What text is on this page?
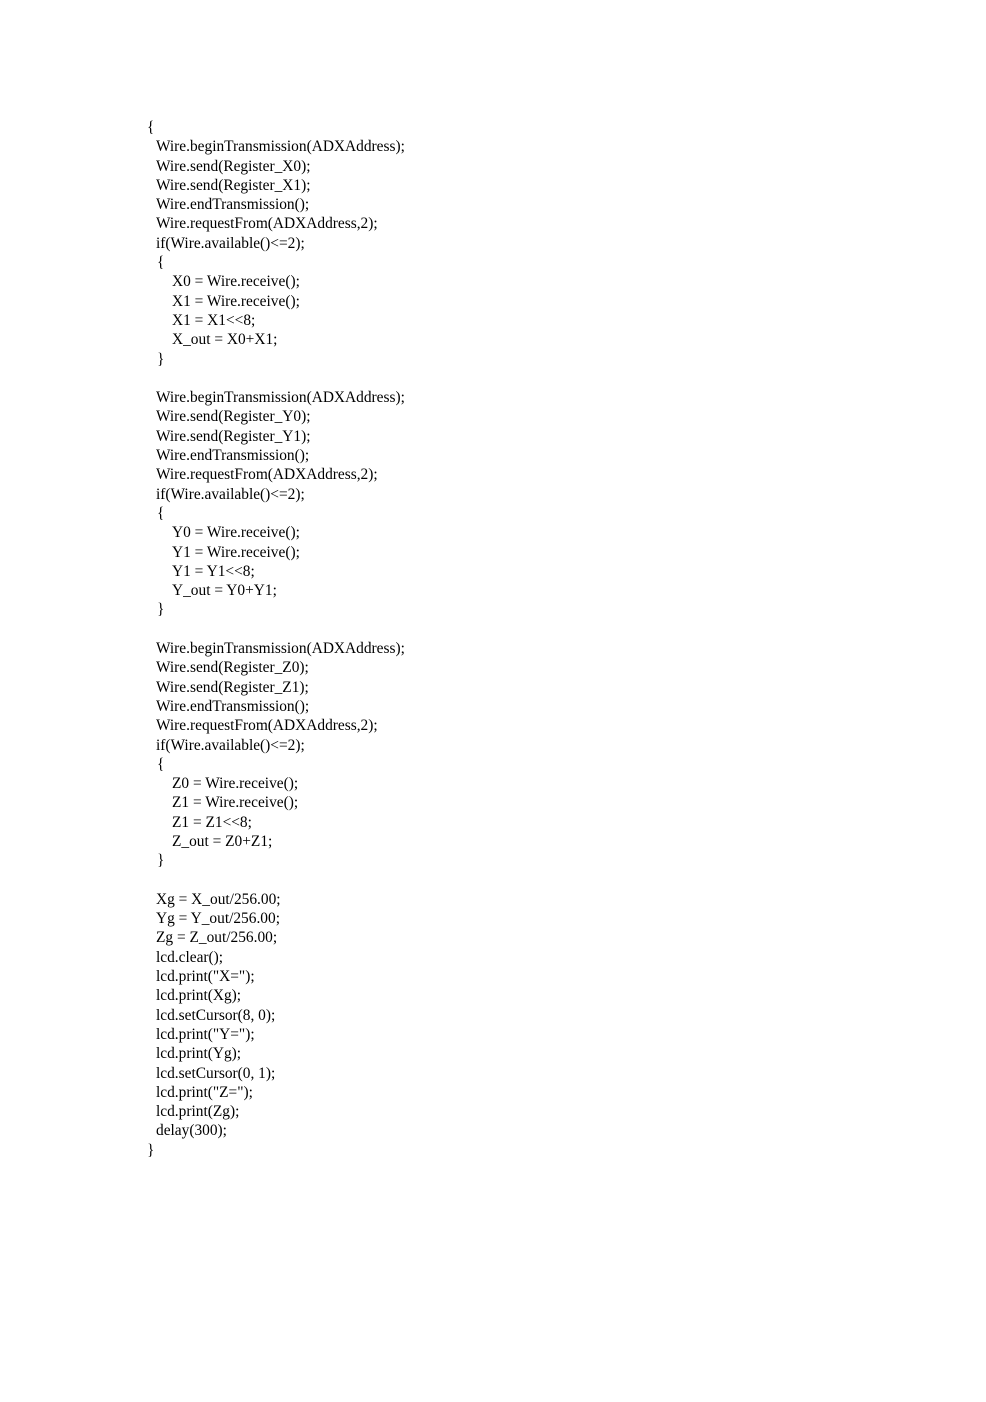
{
Wire.beginTransmission(ADXAddress);
Wire.send(Register_X0);
Wire.send(Register_X1);
Wire.endTransmission();
Wire.requestFrom(ADXAddress,2);
if(Wire.available()<=2);
{
X0 = Wire.receive();
X1 = Wire.receive();
X1 = X1<<8;
X_out = X0+X1;
}
Wire.beginTransmission(ADXAddress);
Wire.send(Register_Y0);
Wire.send(Register_Y1);
Wire.endTransmission();
Wire.requestFrom(ADXAddress,2);
if(Wire.available()<=2);
{
Y0 = Wire.receive();
Y1 = Wire.receive();
Y1 = Y1<<8;
Y_out = Y0+Y1;
}
Wire.beginTransmission(ADXAddress);
Wire.send(Register_Z0);
Wire.send(Register_Z1);
Wire.endTransmission();
Wire.requestFrom(ADXAddress,2);
if(Wire.available()<=2);
{
Z0 = Wire.receive();
Z1 = Wire.receive();
Z1 = Z1<<8;
Z_out = Z0+Z1;
}
Xg = X_out/256.00;
Yg = Y_out/256.00;
Zg = Z_out/256.00;
lcd.clear();
lcd.print("X=");
lcd.print(Xg);
lcd.setCursor(8, 0);
lcd.print("Y=");
lcd.print(Yg);
lcd.setCursor(0, 1);
lcd.print("Z=");
lcd.print(Zg);
delay(300);
}
